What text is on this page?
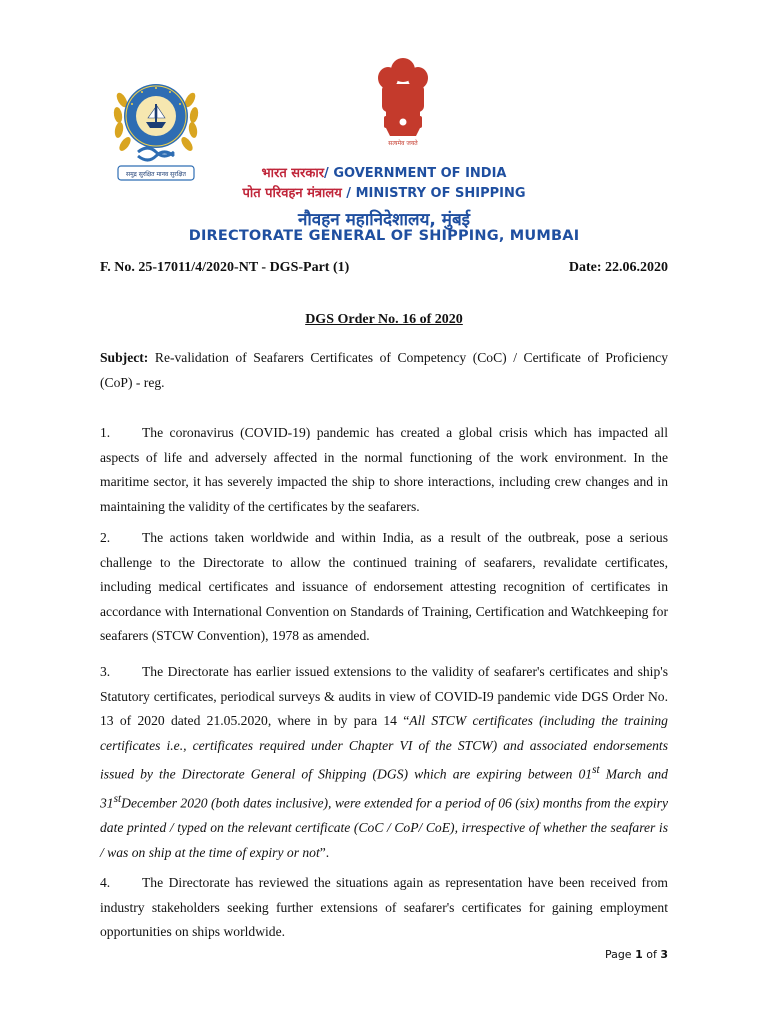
समुद्र सुरक्षित मानव सुरक्षित
सत्यमेव जयते
भारत सरकार/ GOVERNMENT OF INDIA
पोत परिवहन मंत्रालय / MINISTRY OF SHIPPING
नौवहन महानिदेशालय, मुंबई
DIRECTORATE GENERAL OF SHIPPING, MUMBAI
F. No. 25-17011/4/2020-NT - DGS-Part (1)	Date: 22.06.2020
DGS Order No. 16 of 2020
Subject: Re-validation of Seafarers Certificates of Competency (CoC) / Certificate of Proficiency (CoP) - reg.
1. The coronavirus (COVID-19) pandemic has created a global crisis which has impacted all aspects of life and adversely affected in the normal functioning of the work environment. In the maritime sector, it has severely impacted the ship to shore interactions, including crew changes and in maintaining the validity of the certificates by the seafarers.
2. The actions taken worldwide and within India, as a result of the outbreak, pose a serious challenge to the Directorate to allow the continued training of seafarers, revalidate certificates, including medical certificates and issuance of endorsement attesting recognition of certificates in accordance with International Convention on Standards of Training, Certification and Watchkeeping for seafarers (STCW Convention), 1978 as amended.
3. The Directorate has earlier issued extensions to the validity of seafarer's certificates and ship's Statutory certificates, periodical surveys & audits in view of COVID-I9 pandemic vide DGS Order No. 13 of 2020 dated 21.05.2020, where in by para 14 “All STCW certificates (including the training certificates i.e., certificates required under Chapter VI of the STCW) and associated endorsements issued by the Directorate General of Shipping (DGS) which are expiring between 01st March and 31stDecember 2020 (both dates inclusive), were extended for a period of 06 (six) months from the expiry date printed / typed on the relevant certificate (CoC / CoP/ CoE), irrespective of whether the seafarer is / was on ship at the time of expiry or not”.
4. The Directorate has reviewed the situations again as representation have been received from industry stakeholders seeking further extensions of seafarer's certificates for gaining employment opportunities on ships worldwide.
Page 1 of 3
